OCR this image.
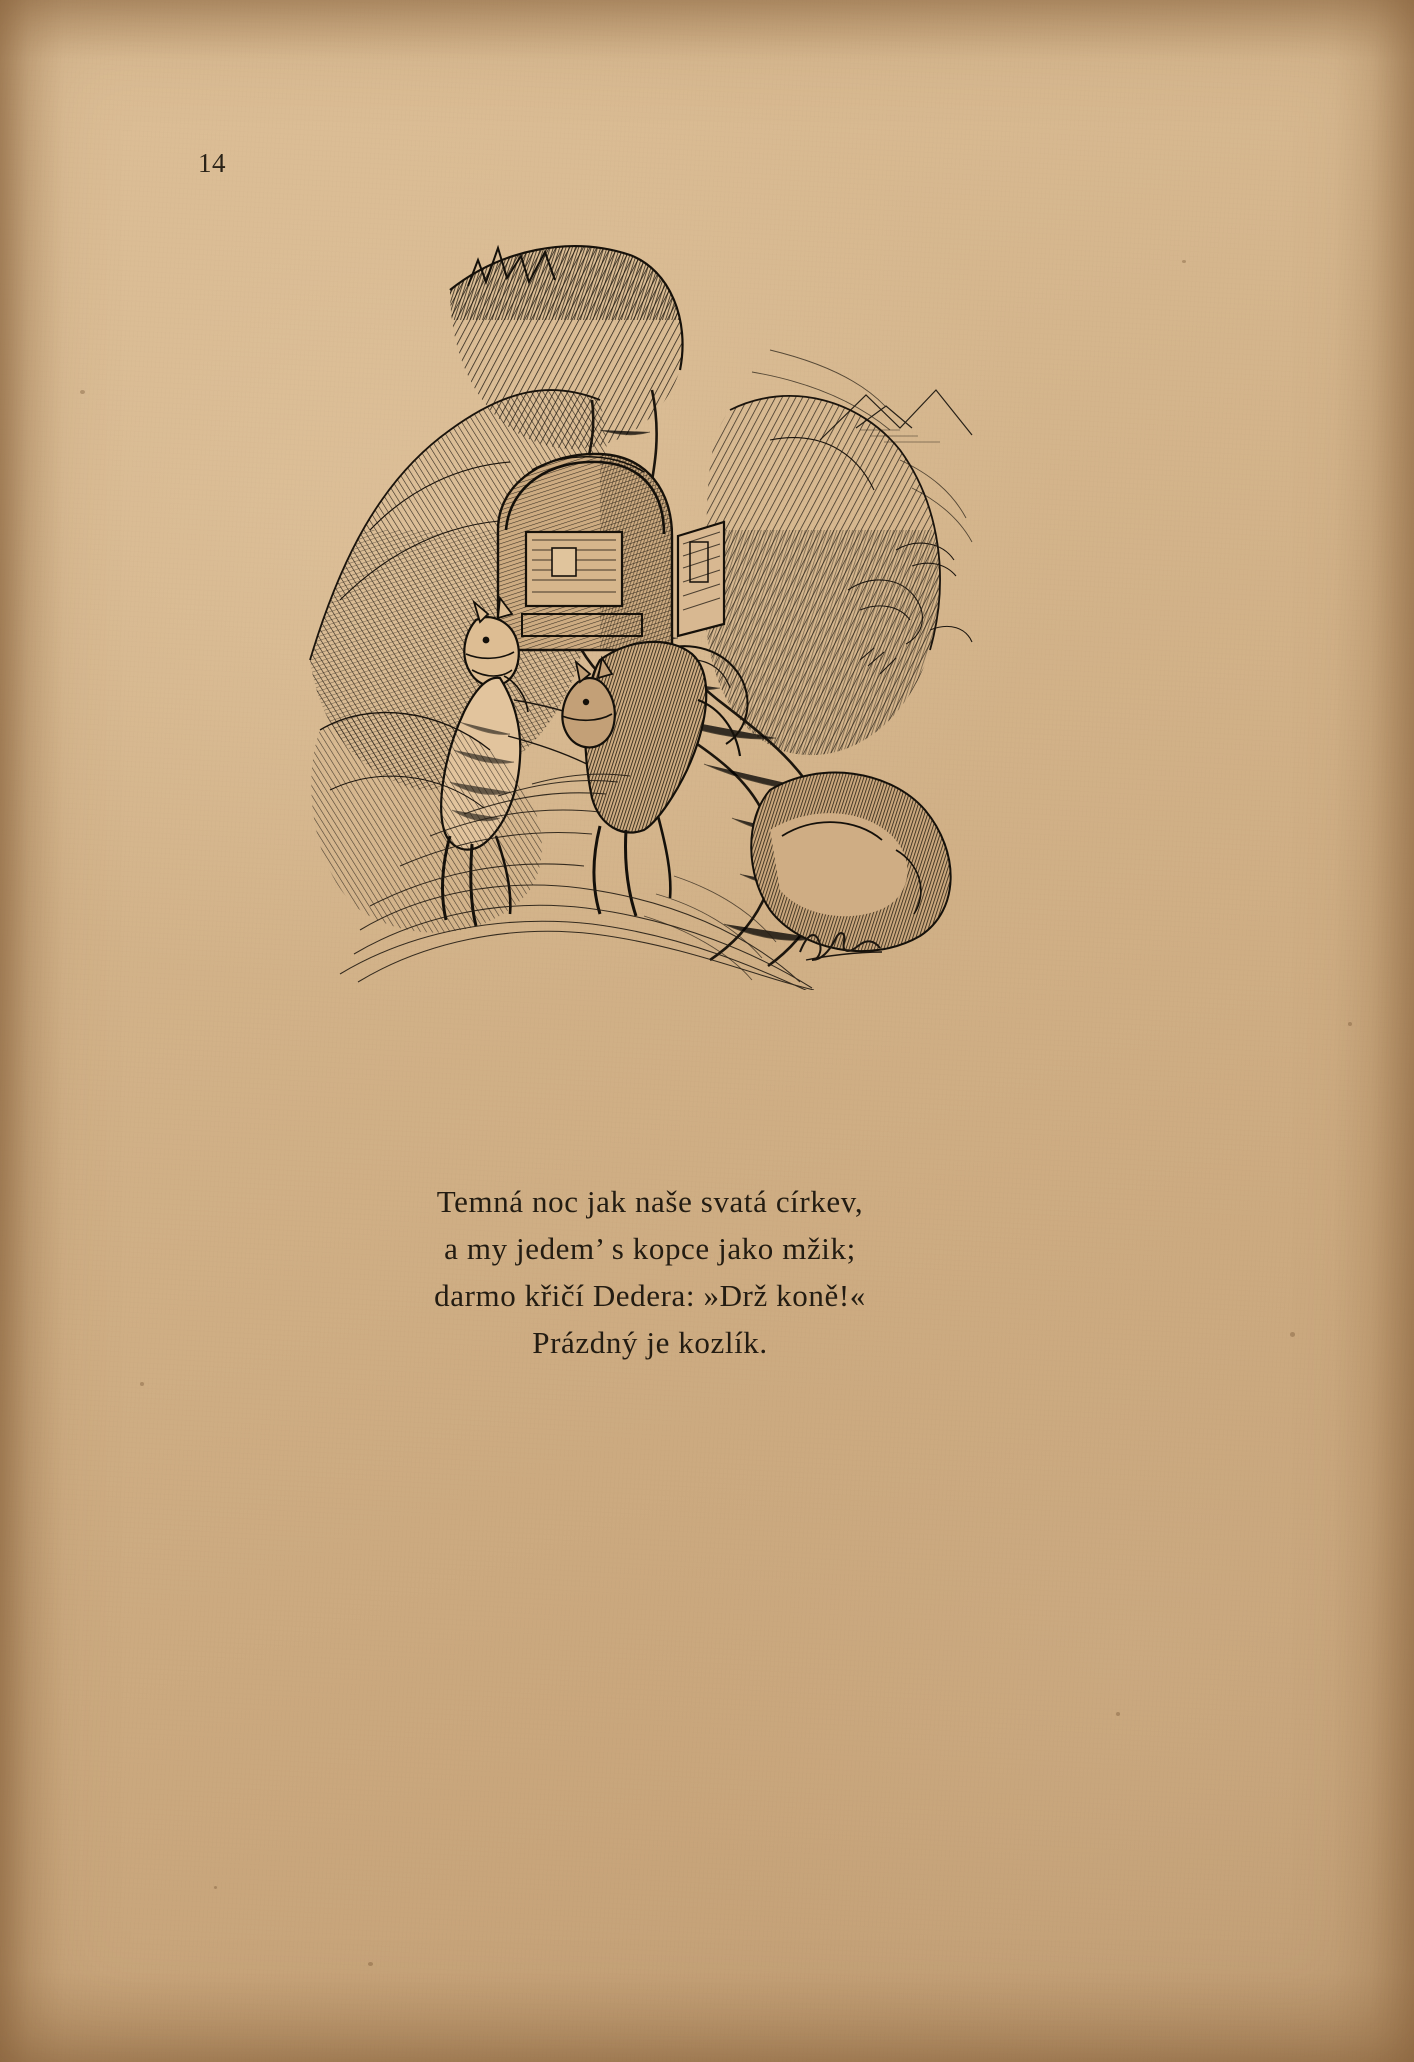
14
Temná noc jak naše svatá církev,
a my jedem’ s kopce jako mžik;
darmo křičí Dedera: »Drž koně!«
Prázdný je kozlík.
